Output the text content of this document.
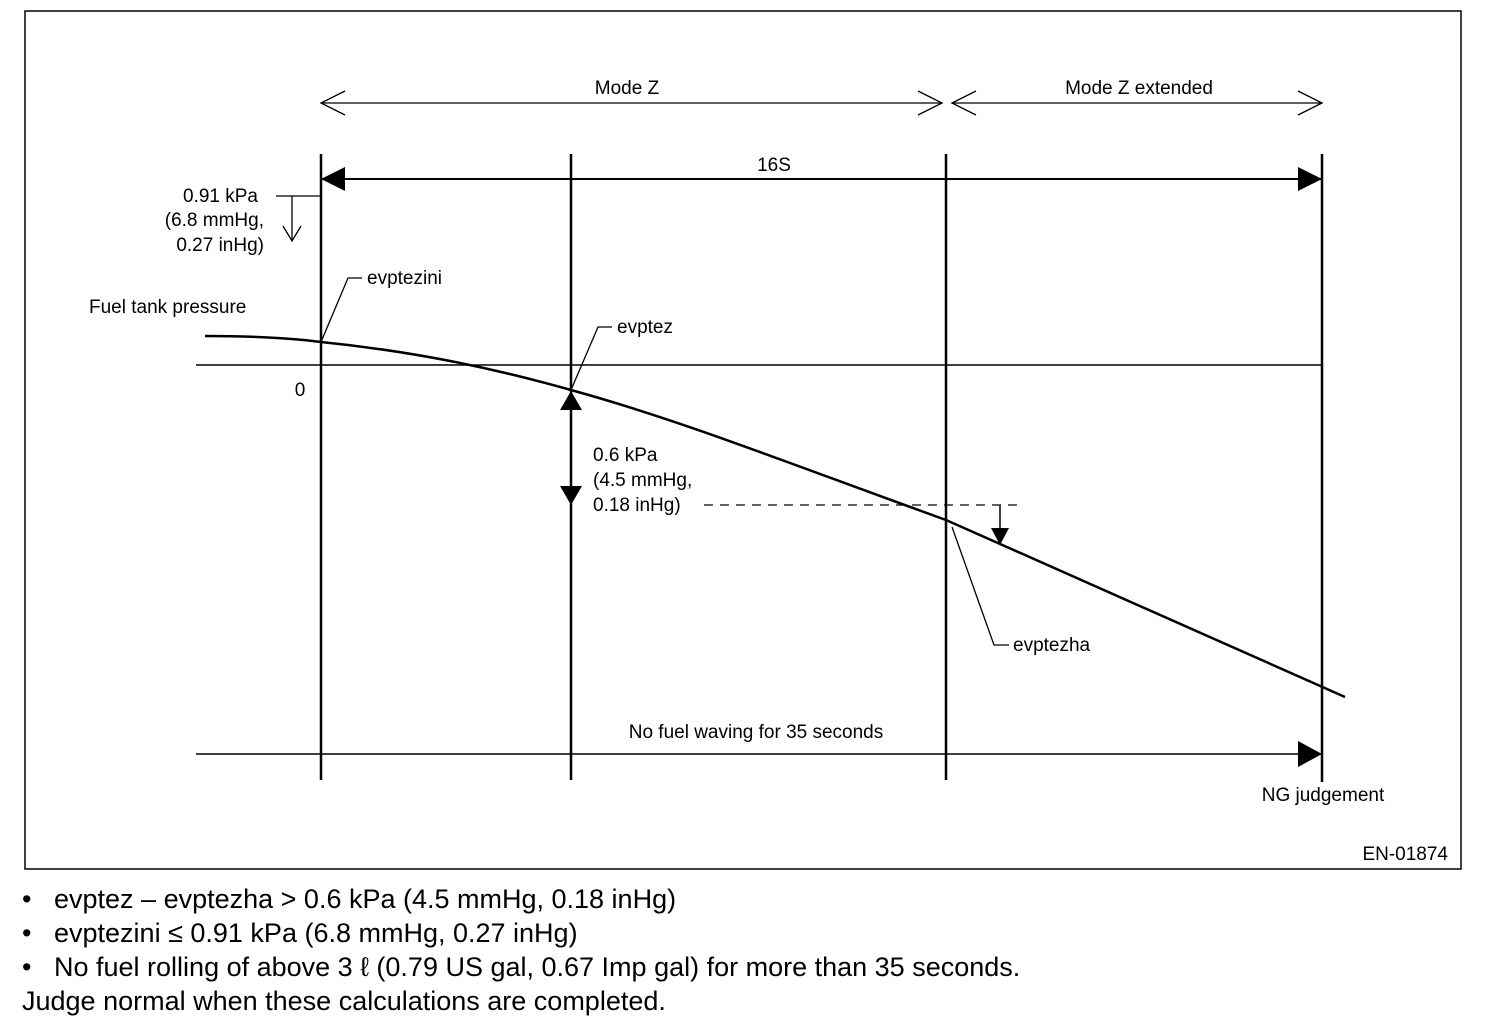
Mode Z	Mode Z extended
16S
0.91 kPa
(6.8 mmHg,
0.27 inHg)
Fuel tank pressure
0
evptezini
evptez
0.6 kPa
(4.5 mmHg,
0.18 inHg)
evptezha
No fuel waving for 35 seconds
NG judgement
EN-01874
• evptez – evptezha > 0.6 kPa (4.5 mmHg, 0.18 inHg)
• evptezini ≤ 0.91 kPa (6.8 mmHg, 0.27 inHg)
• No fuel rolling of above 3 ℓ (0.79 US gal, 0.67 Imp gal) for more than 35 seconds.
Judge normal when these calculations are completed.
